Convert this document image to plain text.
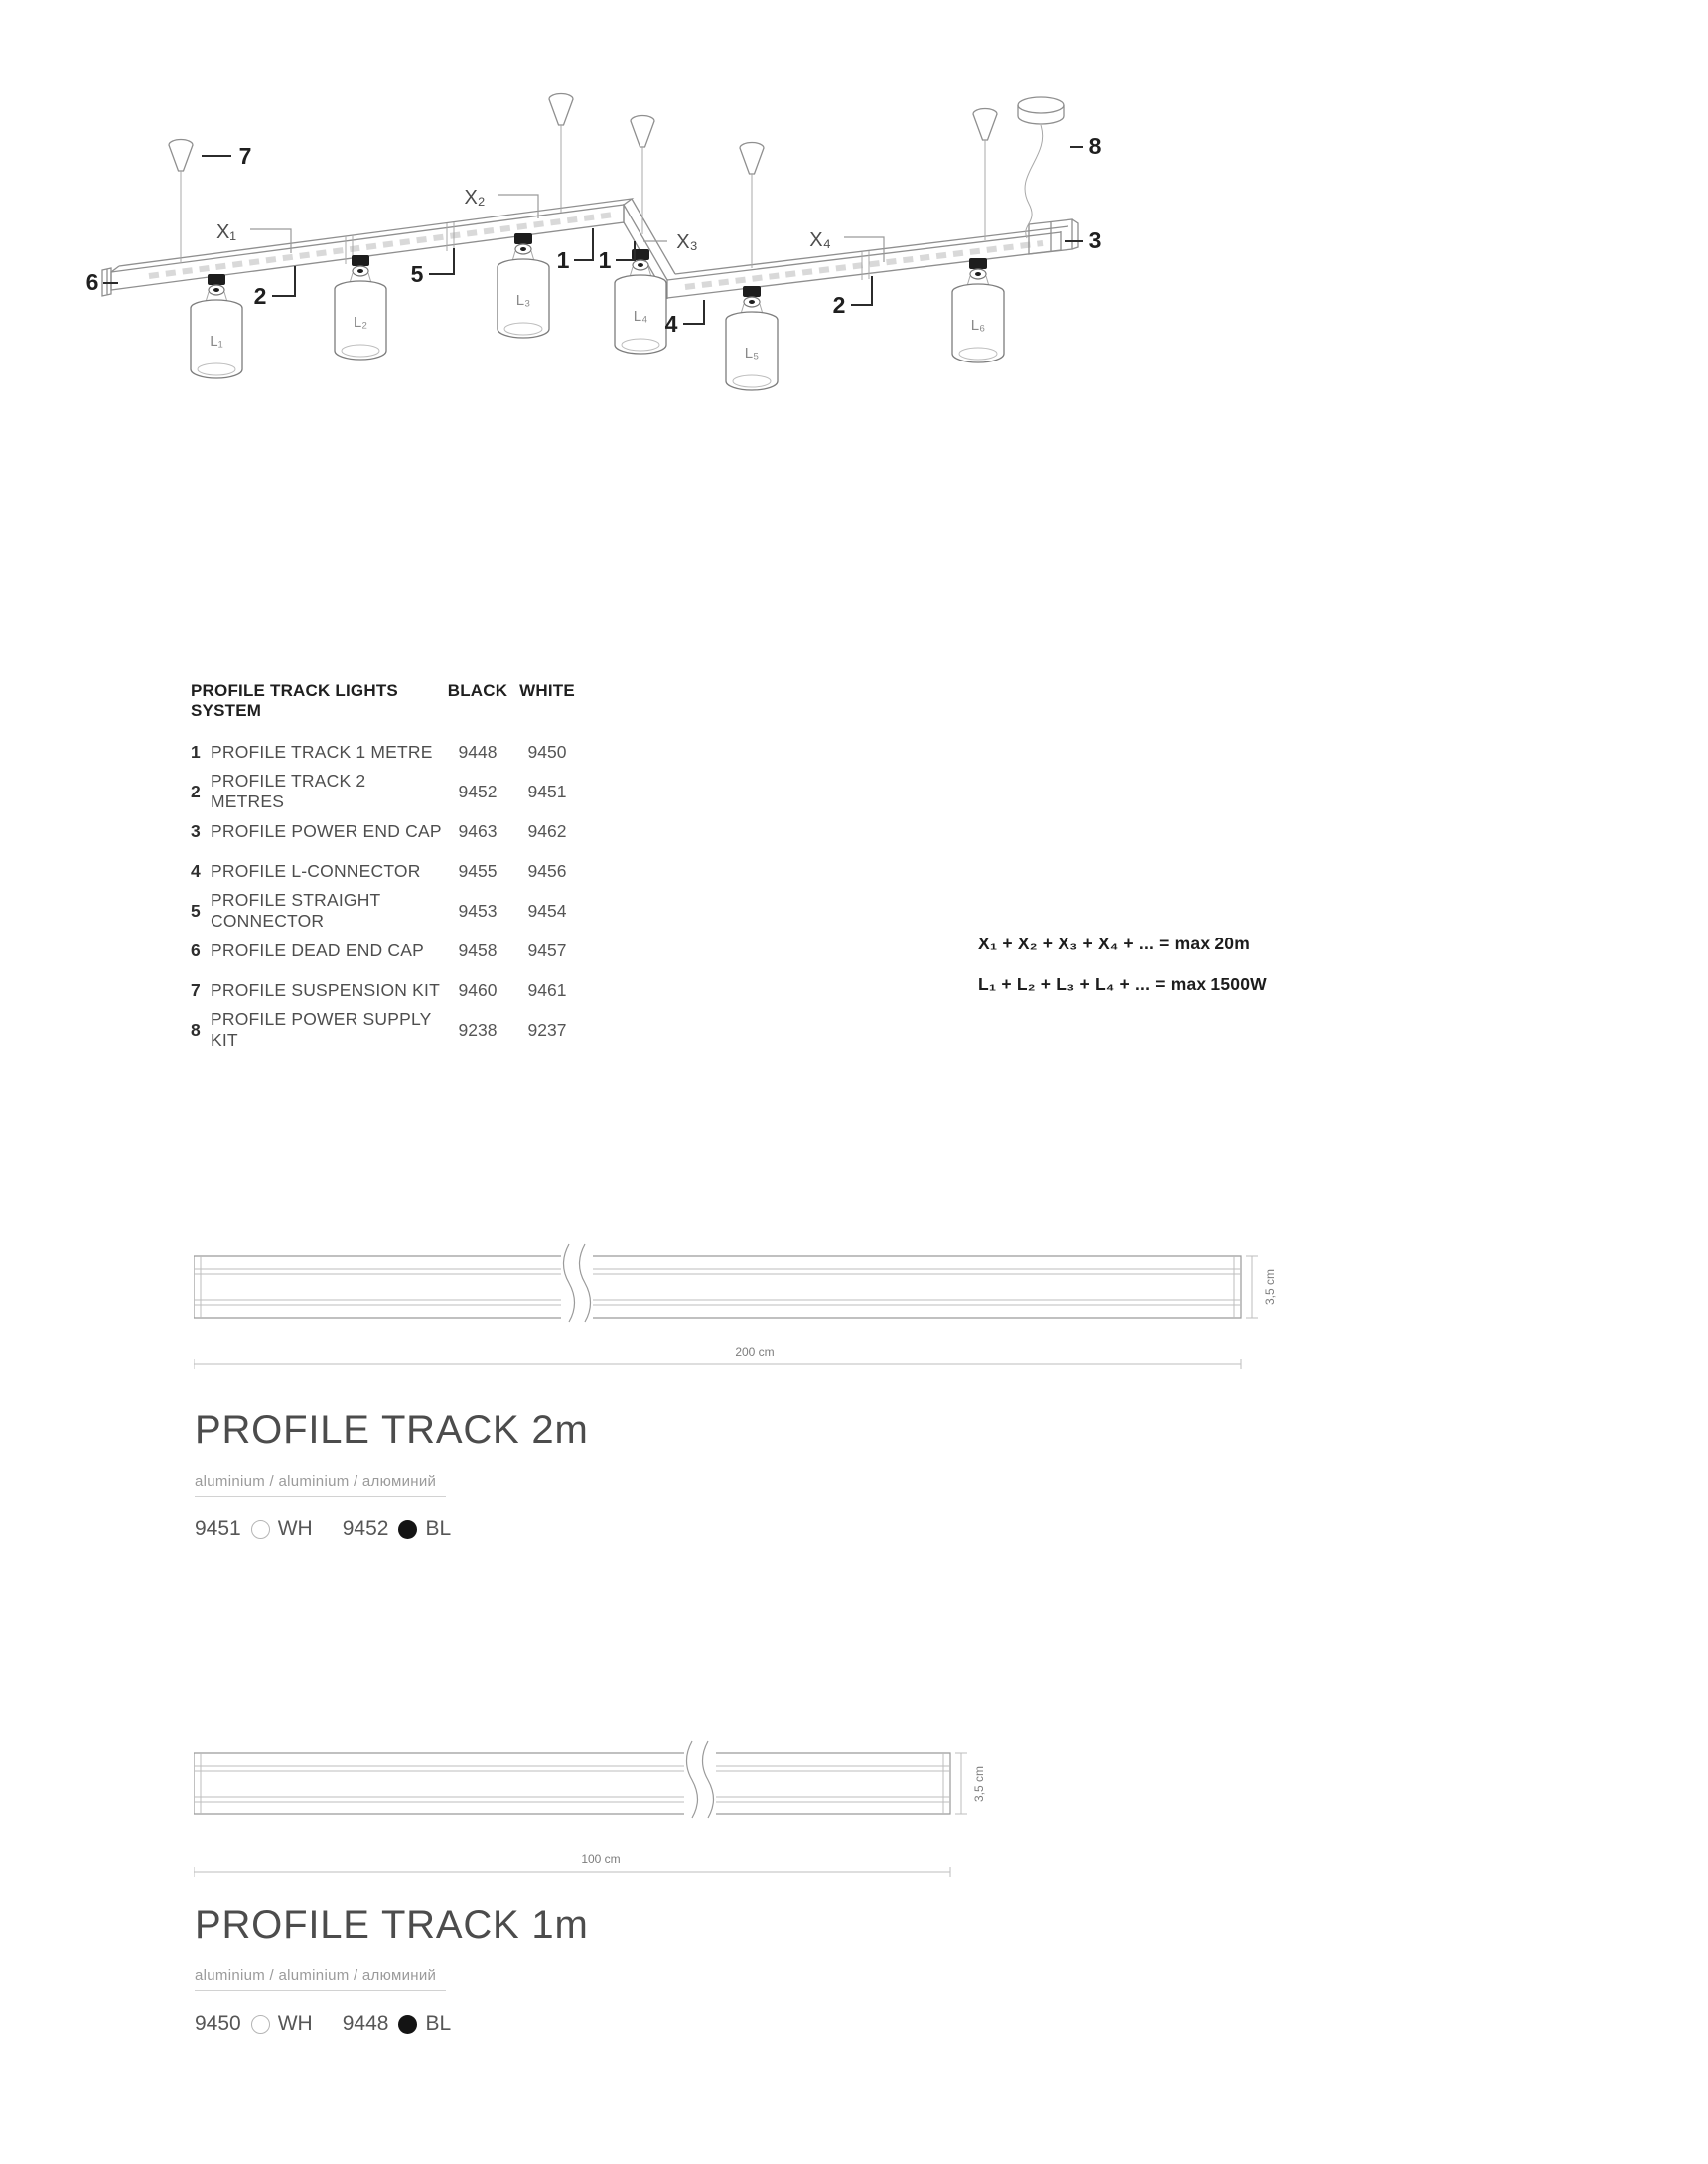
L₁
L₂
L₃
L₄
L₅
L₆
7
6
2
5
1 1
4
2
3
8
X₁
X₂
X₃	X₄
PROFILE TRACK LIGHTS SYSTEM
BLACK WHITE
1 PROFILE TRACK 1 METRE	9448	9450
2
PROFILE TRACK 2 METRES
9452	9451
3 PROFILE POWER END CAP 9463	9462
4 PROFILE L-CONNECTOR	9455	9456
5
PROFILE STRAIGHT CONNECTOR
9453	9454
6 PROFILE DEAD END CAP	9458	9457
7 PROFILE SUSPENSION KIT	9460	9461
8
PROFILE POWER SUPPLY KIT
9238	9237
X₁ + X₂ + X₃ + X₄ + ... = max 20m
L₁ + L₂ + L₃ + L₄ + ... = max 1500W
200 cm
3,5 cm
PROFILE TRACK 2m
aluminium / aluminium / алюминий
9451 WH 9452 BL
100 cm
3,5 cm
PROFILE TRACK 1m
aluminium / aluminium / алюминий
9450 WH 9448 BL
